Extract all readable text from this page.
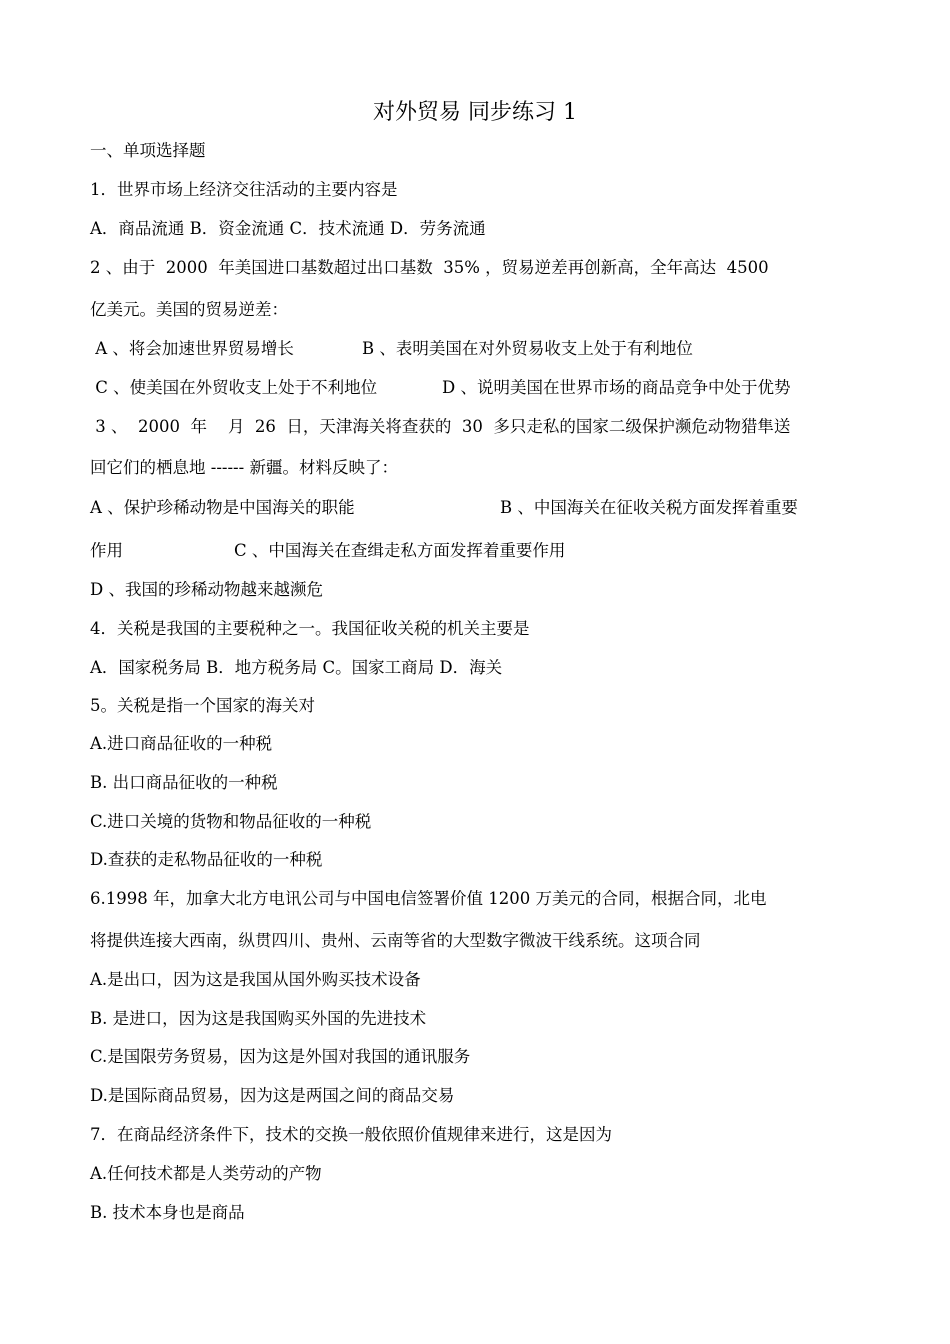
对外贸易 同步练习 1
一、单项选择题
1．世界市场上经济交往活动的主要内容是
A．商品流通 B．资金流通 C．技术流通 D．劳务流通
2 、由于  2000  年美国进口基数超过出口基数  35% ，贸易逆差再创新高，全年高达  4500
亿美元。美国的贸易逆差：
A 、将会加速世界贸易增长	B 、表明美国在对外贸易收支上处于有利地位
C 、使美国在外贸收支上处于不利地位	D 、说明美国在世界市场的商品竞争中处于优势
3 、  2000  年    月  26  日，天津海关将查获的  30  多只走私的国家二级保护濒危动物猎隼送
回它们的栖息地 ------ 新疆。材料反映了：
A 、保护珍稀动物是中国海关的职能	B 、中国海关在征收关税方面发挥着重要
作用	C 、中国海关在查缉走私方面发挥着重要作用
D 、我国的珍稀动物越来越濒危
4．关税是我国的主要税种之一。我国征收关税的机关主要是
A．国家税务局 B．地方税务局 C。国家工商局 D．海关
5。关税是指一个国家的海关对
A.进口商品征收的一种税
B. 出口商品征收的一种税
C.进口关境的货物和物品征收的一种税
D.查获的走私物品征收的一种税
6.1998 年，加拿大北方电讯公司与中国电信签署价值 1200 万美元的合同，根据合同，北电
将提供连接大西南，纵贯四川、贵州、云南等省的大型数字微波干线系统。这项合同
A.是出口，因为这是我国从国外购买技术设备
B. 是进口，因为这是我国购买外国的先进技术
C.是国限劳务贸易，因为这是外国对我国的通讯服务
D.是国际商品贸易，因为这是两国之间的商品交易
7．在商品经济条件下，技术的交换一般依照价值规律来进行，这是因为
A.任何技术都是人类劳动的产物
B. 技术本身也是商品
